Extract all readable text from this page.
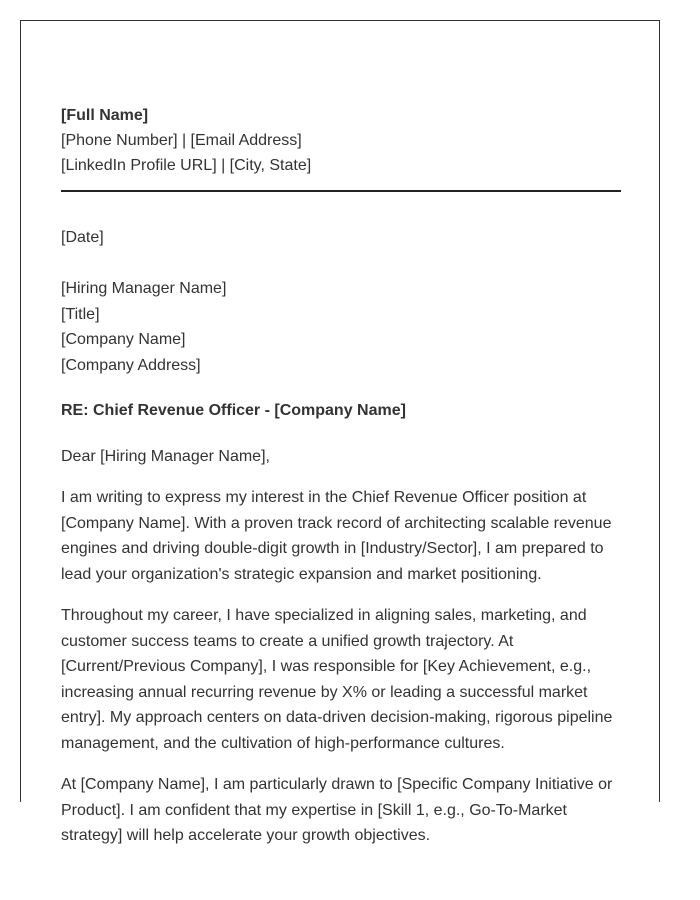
[Full Name]
[Phone Number] | [Email Address]
[LinkedIn Profile URL] | [City, State]
[Date]
[Hiring Manager Name]
[Title]
[Company Name]
[Company Address]
RE: Chief Revenue Officer - [Company Name]
Dear [Hiring Manager Name],
I am writing to express my interest in the Chief Revenue Officer position at [Company Name]. With a proven track record of architecting scalable revenue engines and driving double-digit growth in [Industry/Sector], I am prepared to lead your organization's strategic expansion and market positioning.
Throughout my career, I have specialized in aligning sales, marketing, and customer success teams to create a unified growth trajectory. At [Current/Previous Company], I was responsible for [Key Achievement, e.g., increasing annual recurring revenue by X% or leading a successful market entry]. My approach centers on data-driven decision-making, rigorous pipeline management, and the cultivation of high-performance cultures.
At [Company Name], I am particularly drawn to [Specific Company Initiative or Product]. I am confident that my expertise in [Skill 1, e.g., Go-To-Market strategy] will help accelerate your growth objectives.
